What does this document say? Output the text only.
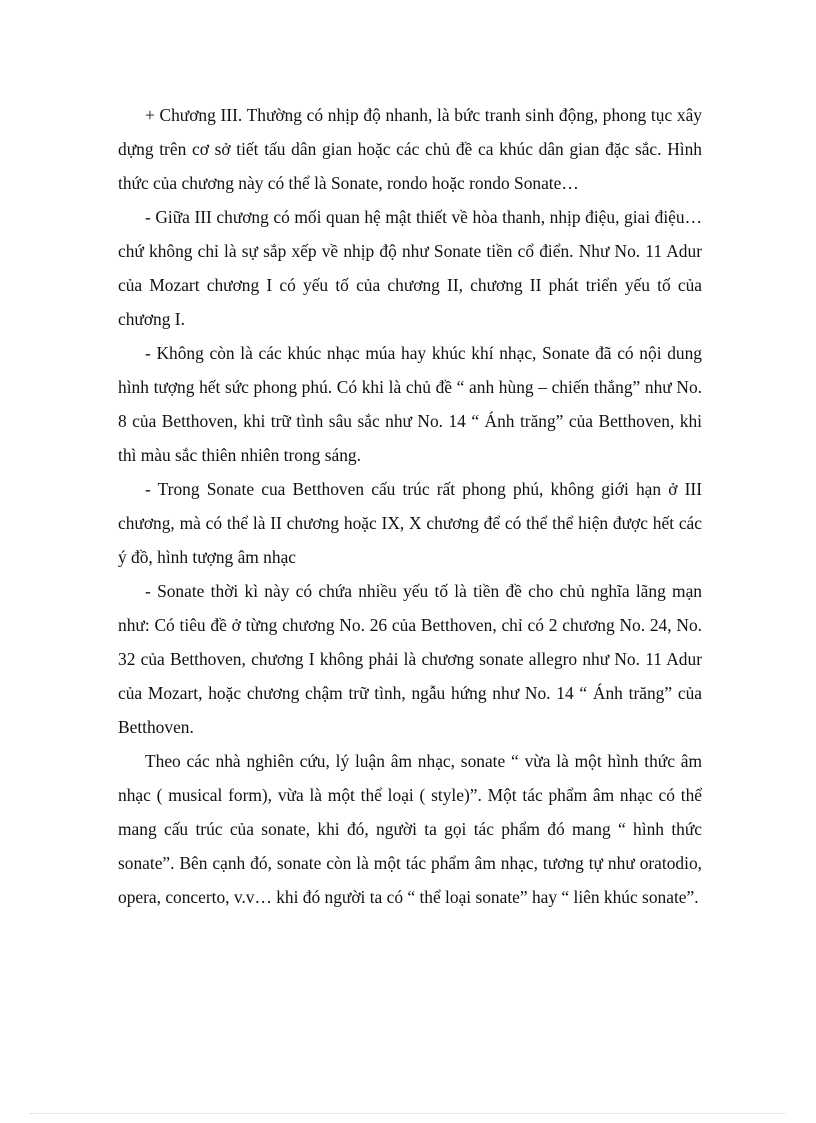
+ Chương III. Thường có nhịp độ nhanh, là bức tranh sinh động, phong tục xây dựng trên cơ sở tiết tấu dân gian hoặc các chủ đề ca khúc dân gian đặc sắc. Hình thức của chương này có thể là Sonate, rondo hoặc rondo Sonate…

- Giữa III chương có mối quan hệ mật thiết về hòa thanh, nhịp điệu, giai điệu… chứ không chỉ là sự sắp xếp về nhịp độ như Sonate tiền cổ điển. Như No. 11 Adur của Mozart chương I có yếu tố của chương II, chương II phát triển yếu tố của chương I.

- Không còn là các khúc nhạc múa hay khúc khí nhạc, Sonate đã có nội dung hình tượng hết sức phong phú. Có khi là chủ đề “ anh hùng – chiến thắng” như No. 8 của Betthoven, khi trữ tình sâu sắc như No. 14 “ Ánh trăng” của Betthoven, khi thì màu sắc thiên nhiên trong sáng.

- Trong Sonate cua Betthoven cấu trúc rất phong phú, không giới hạn ở III chương, mà có thể là II chương hoặc IX, X chương để có thể thể hiện được hết các ý đồ, hình tượng âm nhạc

- Sonate thời kì này có chứa nhiều yếu tố là tiền đề cho chủ nghĩa lãng mạn như: Có tiêu đề ở từng chương No. 26 của Betthoven, chỉ có 2 chương No. 24, No. 32 của Betthoven, chương I không phải là chương sonate allegro như No. 11 Adur của Mozart, hoặc chương chậm trữ tình, ngẫu hứng như No. 14 “ Ánh trăng” của Betthoven.

Theo các nhà nghiên cứu, lý luận âm nhạc, sonate “ vừa là một hình thức âm nhạc ( musical form), vừa là một thể loại ( style)”. Một tác phẩm âm nhạc có thể mang cấu trúc của sonate, khi đó, người ta gọi tác phẩm đó mang “ hình thức sonate”. Bên cạnh đó, sonate còn là một tác phẩm âm nhạc, tương tự như oratodio, opera, concerto, v.v… khi đó người ta có “ thể loại sonate” hay “ liên khúc sonate”.
